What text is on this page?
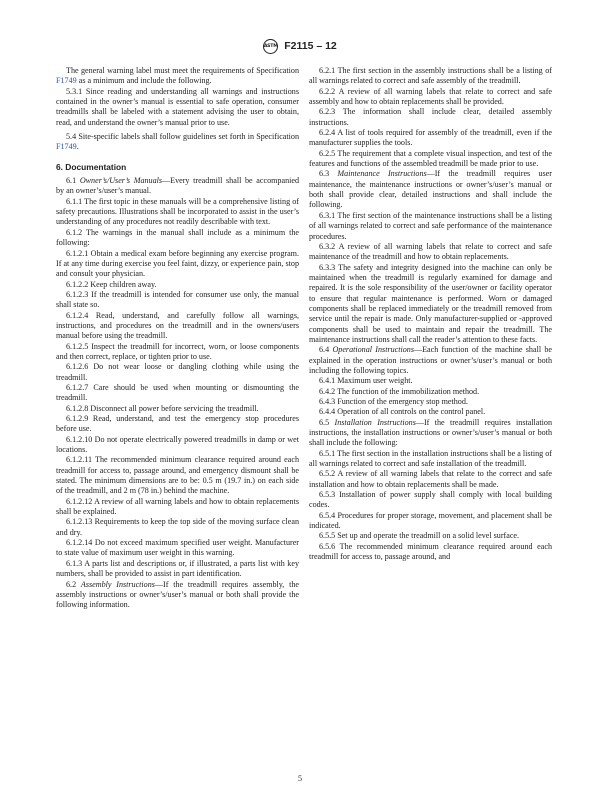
ASTM F2115 – 12

The general warning label must meet the requirements of Specification F1749 as a minimum and include the following.

5.3.1 Since reading and understanding all warnings and instructions contained in the owner’s manual is essential to safe operation, consumer treadmills shall be labeled with a statement advising the user to obtain, read, and understand the owner’s manual prior to use.

5.4 Site-specific labels shall follow guidelines set forth in Specification F1749.

6. Documentation

6.1 Owner’s/User’s Manuals—Every treadmill shall be accompanied by an owner’s/user’s manual.

6.1.1 The first topic in these manuals will be a comprehensive listing of safety precautions. Illustrations shall be incorporated to assist in the user’s understanding of any procedures not readily describable with text.

6.1.2 The warnings in the manual shall include as a minimum the following:

6.1.2.1 Obtain a medical exam before beginning any exercise program. If at any time during exercise you feel faint, dizzy, or experience pain, stop and consult your physician.

6.1.2.2 Keep children away.

6.1.2.3 If the treadmill is intended for consumer use only, the manual shall state so.

6.1.2.4 Read, understand, and carefully follow all warnings, instructions, and procedures on the treadmill and in the owners/users manual before using the treadmill.

6.1.2.5 Inspect the treadmill for incorrect, worn, or loose components and then correct, replace, or tighten prior to use.

6.1.2.6 Do not wear loose or dangling clothing while using the treadmill.

6.1.2.7 Care should be used when mounting or dismounting the treadmill.

6.1.2.8 Disconnect all power before servicing the treadmill.

6.1.2.9 Read, understand, and test the emergency stop procedures before use.

6.1.2.10 Do not operate electrically powered treadmills in damp or wet locations.

6.1.2.11 The recommended minimum clearance required around each treadmill for access to, passage around, and emergency dismount shall be stated. The minimum dimensions are to be: 0.5 m (19.7 in.) on each side of the treadmill, and 2 m (78 in.) behind the machine.

6.1.2.12 A review of all warning labels and how to obtain replacements shall be explained.

6.1.2.13 Requirements to keep the top side of the moving surface clean and dry.

6.1.2.14 Do not exceed maximum specified user weight. Manufacturer to state value of maximum user weight in this warning.

6.1.3 A parts list and descriptions or, if illustrated, a parts list with key numbers, shall be provided to assist in part identification.

6.2 Assembly Instructions—If the treadmill requires assembly, the assembly instructions or owner’s/user’s manual or both shall provide the following information.

6.2.1 The first section in the assembly instructions shall be a listing of all warnings related to correct and safe assembly of the treadmill.

6.2.2 A review of all warning labels that relate to correct and safe assembly and how to obtain replacements shall be provided.

6.2.3 The information shall include clear, detailed assembly instructions.

6.2.4 A list of tools required for assembly of the treadmill, even if the manufacturer supplies the tools.

6.2.5 The requirement that a complete visual inspection, and test of the features and functions of the assembled treadmill be made prior to use.

6.3 Maintenance Instructions—If the treadmill requires user maintenance, the maintenance instructions or owner’s/user’s manual or both shall provide clear, detailed instructions and shall include the following.

6.3.1 The first section of the maintenance instructions shall be a listing of all warnings related to correct and safe performance of the maintenance procedures.

6.3.2 A review of all warning labels that relate to correct and safe maintenance of the treadmill and how to obtain replacements.

6.3.3 The safety and integrity designed into the machine can only be maintained when the treadmill is regularly examined for damage and repaired. It is the sole responsibility of the user/owner or facility operator to ensure that regular maintenance is performed. Worn or damaged components shall be replaced immediately or the treadmill removed from service until the repair is made. Only manufacturer-supplied or -approved components shall be used to maintain and repair the treadmill. The maintenance instructions shall call the reader’s attention to these facts.

6.4 Operational Instructions—Each function of the machine shall be explained in the operation instructions or owner’s/user’s manual or both including the following topics.

6.4.1 Maximum user weight.

6.4.2 The function of the immobilization method.

6.4.3 Function of the emergency stop method.

6.4.4 Operation of all controls on the control panel.

6.5 Installation Instructions—If the treadmill requires installation instructions, the installation instructions or owner’s/user’s manual or both shall include the following:

6.5.1 The first section in the installation instructions shall be a listing of all warnings related to correct and safe installation of the treadmill.

6.5.2 A review of all warning labels that relate to the correct and safe installation and how to obtain replacements shall be made.

6.5.3 Installation of power supply shall comply with local building codes.

6.5.4 Procedures for proper storage, movement, and placement shall be indicated.

6.5.5 Set up and operate the treadmill on a solid level surface.

6.5.6 The recommended minimum clearance required around each treadmill for access to, passage around, and

5
